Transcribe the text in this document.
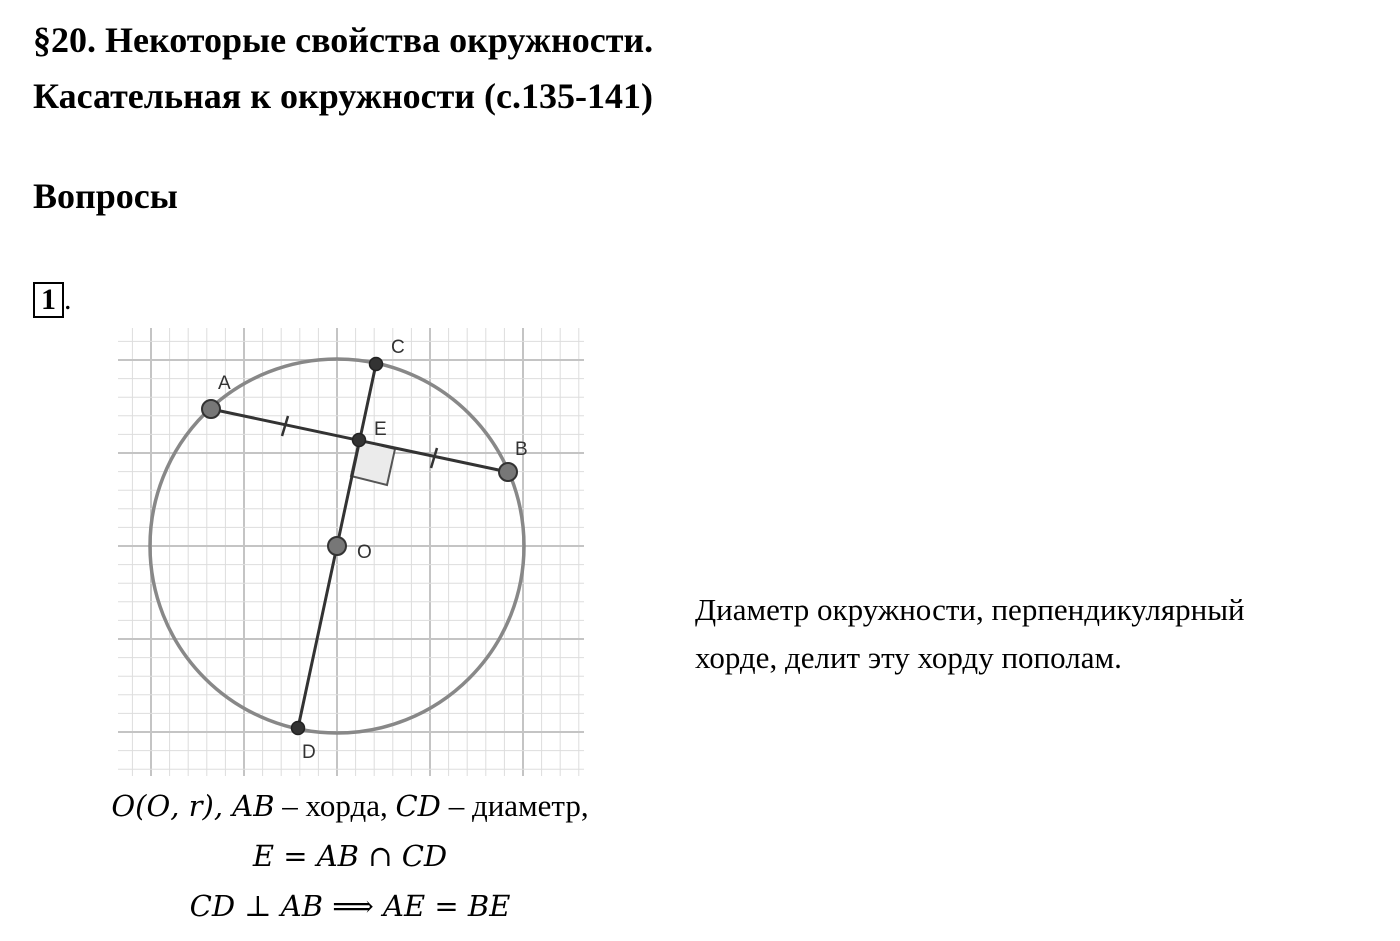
§20. Некоторые свойства окружности.
Касательная к окружности (с.135-141)
Вопросы
1 .
A
B
C
D
E
O
𝑂(𝑂, 𝑟), 𝐴𝐵 – хорда, 𝐶𝐷 – диаметр,
𝐸 = 𝐴𝐵 ∩ 𝐶𝐷
𝐶𝐷 ⊥ 𝐴𝐵 ⟹ 𝐴𝐸 = 𝐵𝐸
Диаметр окружности, перпендикулярный
хорде, делит эту хорду пополам.
